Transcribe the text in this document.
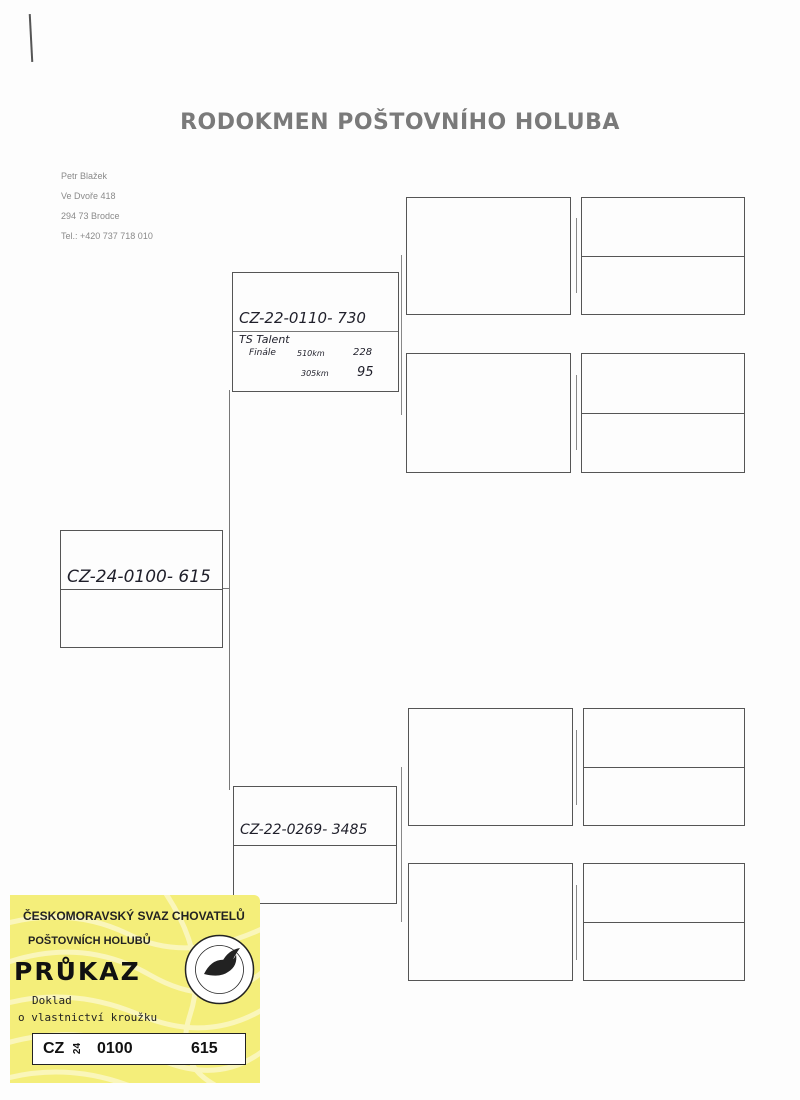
RODOKMEN POŠTOVNÍHO HOLUBA
Petr Blažek
Ve Dvoře 418
294 73 Brodce
Tel.: +420 737 718 010
CZ-24-0100- 615
CZ-22-0110- 730
TS Talent
Finále	510km	228
305km 95
CZ-22-0269- 3485
ČESKOMORAVSKÝ SVAZ CHOVATELŮ
POŠTOVNÍCH HOLUBŮ
PRŮKAZ
Doklad
o vlastnictví kroužku
CZ 24 0100	615
